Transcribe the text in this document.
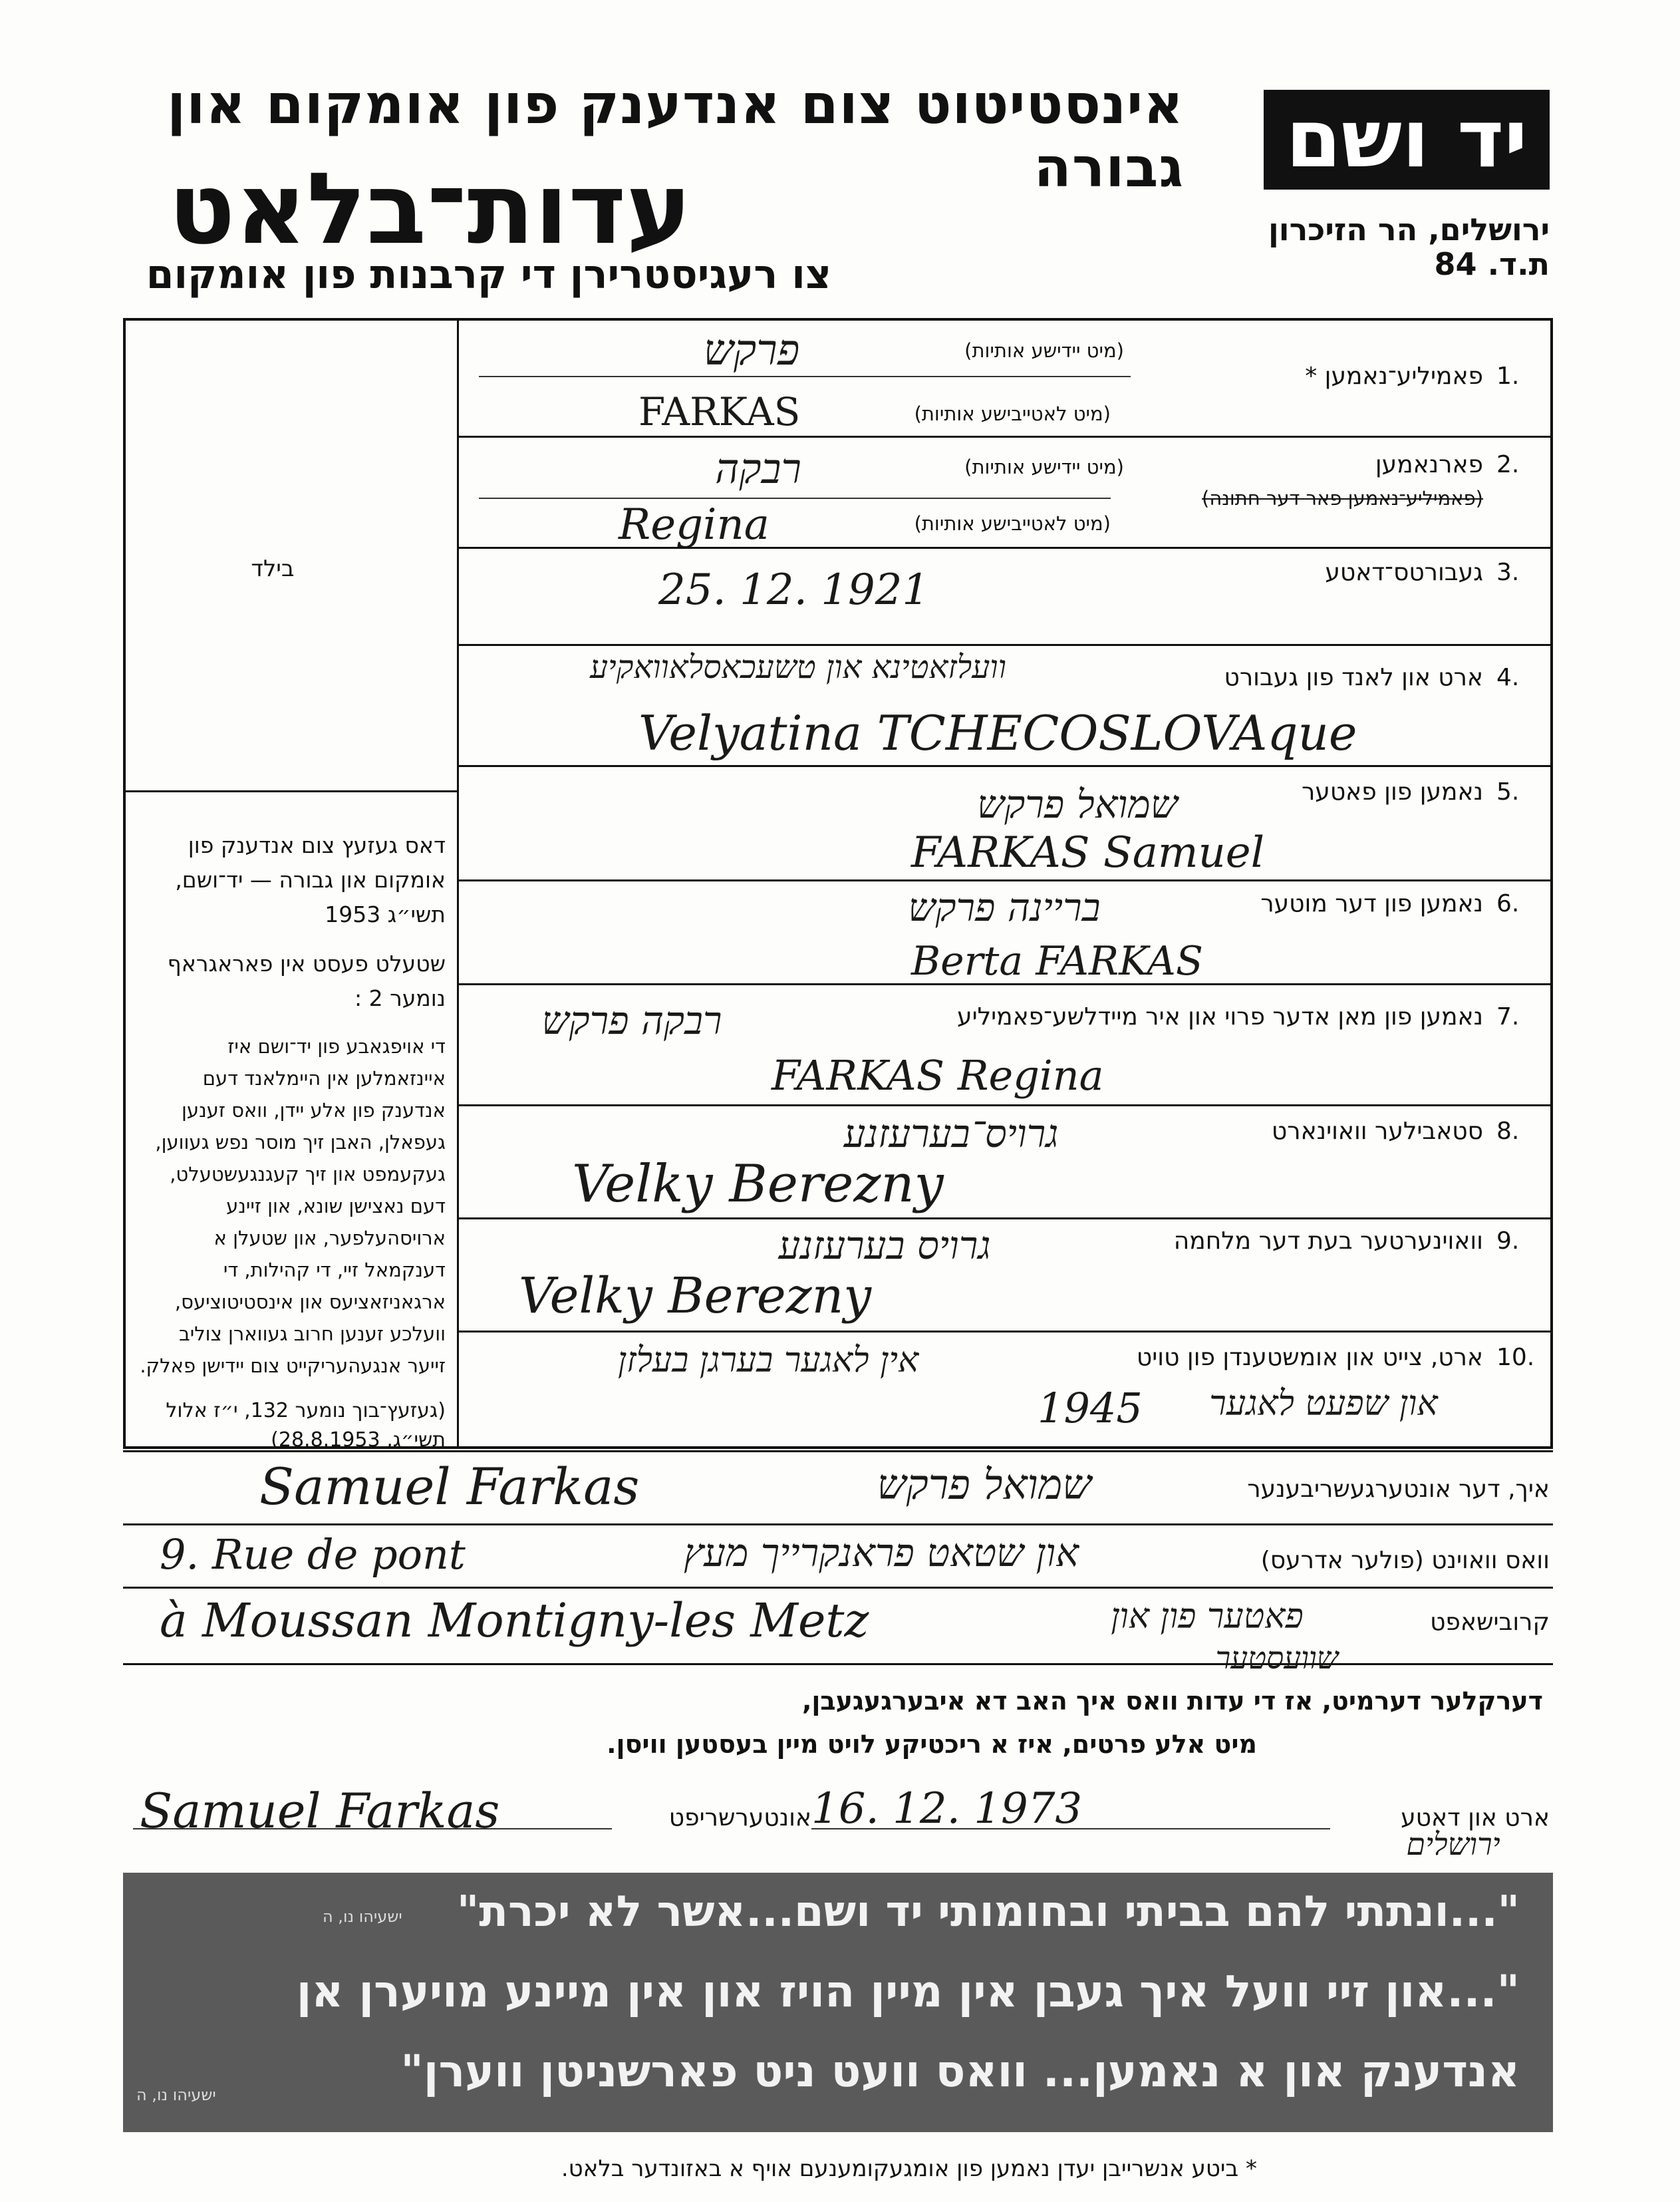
אינסטיטוט צום אנדענק פון אומקום און גבורה
עדות־בלאט
צו רעגיסטרירן די קרבנות פון אומקום
יד ושם
ירושלים, הר הזיכרון
ת.ד. 84
בילד

דאס געזעץ צום אנדענק פון אומקום און גבורה — יד־ושם, תשי״ג 1953

שטעלט פעסט אין פאראגראף נומער 2 :

די אויפגאבע פון יד־ושם איז איינזאמלען אין היימלאנד דעם אנדענק פון אלע יידן, וואס זענען געפאלן, האבן זיך מוסר נפש געווען, געקעמפט און זיך קעגנגעשטעלט, דעם נאצישן שונא, און זיינע ארויסהעלפער, און שטעלן א דענקמאל זיי, די קהילות, די ארגאניזאציעס און אינסטיטוציעס, וועלכע זענען חרוב געווארן צוליב זייער אנגעהעריקייט צום יידישן פאלק.

(געזעץ־בוך נומער 132, י״ז אלול תשי״ג, 28.8.1953)

1.
פאמיליע־נאמען *
(מיט יידישע אותיות)
פרקש
(מיט לאטייבישע אותיות)
FARKAS
2.
פארנאמען
(פאמיליע־נאמען פאר דער חתונה)
(מיט יידישע אותיות)
רבקה
(מיט לאטייבישע אותיות)
Regina
3.
געבורטס־דאטע
25. 12. 1921
4.
ארט און לאנד פון געבורט
וועלזאטינא און טשעכאסלאוואקיע
Velyatina TCHECOSLOVAque
5.
נאמען פון פאטער
שמואל פרקש
FARKAS Samuel
6.
נאמען פון דער מוטער
בריינה פרקש
Berta FARKAS
7.
נאמען פון מאן אדער פרוי און איר מיידלשע־פאמיליע
רבקה פרקש
FARKAS Regina
8.
סטאבילער וואוינארט
גרויס־בערעזנע
Velky Berezny
9.
וואוינערטער בעת דער מלחמה
גרויס בערעזנע
Velky Berezny
10.
ארט, צייט און אומשטענדן פון טויט
אין לאגער בערגן בעלזן
און שפעט לאגער
1945
איך, דער אונטערגעשריבענער
Samuel Farkas	שמואל פרקש
וואס וואוינט (פולער אדרעס)
9. Rue de pont	און שטאט פראנקרייך מעץ
קרובישאפט
à Moussan Montigny-les Metz	פאטער פון און
שוועסטער
דערקלער דערמיט, אז די עדות וואס איך האב דא איבערגעגעבן,
מיט אלע פרטים, איז א ריכטיקע לויט מיין בעסטען וויסן.
ארט און דאטע
16. 12. 1973
ירושלים
אונטערשריפט
Samuel Farkas
"...ונתתי להם בביתי ובחומותי יד ושם...אשר לא יכרת"
ישעיהו נו, ה
"...און זיי וועל איך געבן אין מיין הויז און אין מיינע מויערן אן
אנדענק און א נאמען... וואס וועט ניט פארשניטן ווערן"
ישעיהו נו, ה
* ביטע אנשרייבן יעדן נאמען פון אומגעקומענעם אויף א באזונדער בלאט.
